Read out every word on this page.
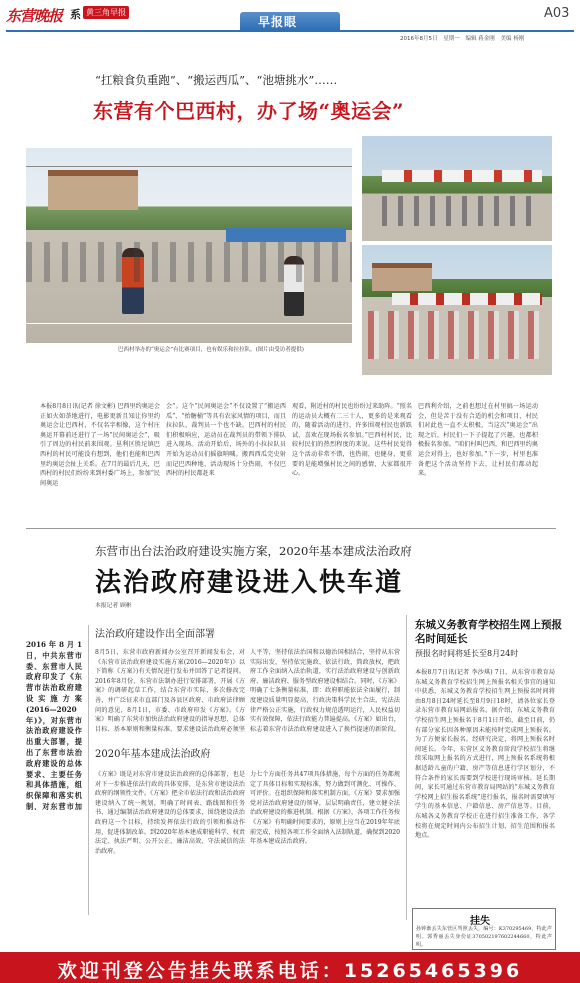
东营晚报 系 黄三角早报
早报眼
A03
2016年8月5日 星期一 编辑 蒋金刚 美编 杨刚
“扛粮食负重跑”、“搬运西瓜”、“池塘挑水”……
东营有个巴西村，办了场“奥运会”
巴西村举办的“奥运会”有比赛项目，也有娱乐和拉拉队。(图片由受访者提供)
本报8月8日讯(记者 徐文彬) 巴西里约奥运会正如火如荼地进行，电影更新且知让你里约奥运会让巴西村，不仅名字相像，这个村庄奥运开幕前还进行了一场“民间奥运会”，吸引了周边的村民前来围观。垦利区胜坨镇巴西村的村民可能没有想到，他们也能和巴西里约奥运会扯上关系。在7月的最后几天，巴西村的村民们纷纷来到村委广场上，参加“民间奥运
会”。这个“民间奥运会”不仅设置了“搬运西瓜”、“抬糖桶”等具有农家风情的项目，而且拉拉队、裁判员一个也不缺。巴西村的村民们积极响应，运动员在裁判员的带领下排队进入现场。活动开始后，场外的小拉拉队员开始为运动员们摇旗呐喊。搬西西瓜完史射而记巴西种地、活动现场十分热闹，不仅巴西村的村民都赶来
观看，附近村的村民也纷纷过来助阵。“照名的运动员大概有二三十人，更多的是来观看的，随着活动的进行，许多围观村民也新跃试，喜欢在现场报名参加。”巴西村村民，比较村民们的热烈程度的来说。这些村民觉得这个活动非常不错，也热闹，也健身，更重要的是能增强村民之间的感情，大家都很开心。
巴西利介绍，之前也想过在村里搞一场运动会，但是苦于没有合适的机会和项目，村民们对此也一直不太积极，当这次“奥运会”出现之后，村民们一下子提起了兴趣，也都积极报名参加。“咱们村叫巴西，和巴西里约奥运会对得上，也好参加。”下一步，村里也准备把这个活动坚持下去，让村民们都动起来。
东营市出台法治政府建设实施方案，2020年基本建成法治政府
法治政府建设进入快车道
本报记者 顾彬
2016年8月1日，中共东营市委、东营市人民政府印发了《东营市法治政府建设实施方案(2016—2020年)》，对东营市法治政府建设作出重大部署，提出了东营市法治政府建设的总体要求、主要任务和具体措施，组织保障和落实机制，对东营市加
法治政府建设作出全面部署
8月5日，东营市政府新闻办公室召开新闻发布会，对《东营市法治政府建设实施方案(2016—2020年)》以下简称《方案》)有关情况进行发布并回答了记者提问。2016年8月份，东营市法制办进行安排部署，开展《方案》的调研起草工作，结合东营市实际，多次修改完善，并广泛征求市直部门及各县区政府、市政府法律顾问的意见，8月1日，市委、市政府印发《方案》。《方案》明确了东营市加快法治政府建设的指导思想、总体目标、基本原则和衡量标准，要求建设法治政府必须坚
人平等，坚持依法治国和以德治国相结合，坚持从东营实际出发，坚持依宪施政、依法行政、简政放权，把政府工作全面纳入法治轨道，实行法治政府建设与创新政府、廉洁政府、服务型政府建设相结合。同时，《方案》明确了七条衡量标准，即：政府职能依法全面履行，制度建设质量明显提高，行政决策科学民主合法，宪法法律严格公正实施，行政权力规范透明运行，人民权益切实有效保障，依法行政能力普遍提高。《方案》如出台，标志着东营市法治政府建设进入了换挡提速的新阶段，
2020年基本建成法治政府
《方案》既是对东营市建设法治政府的总体部署，也是对下一步推进依法行政的具体安排，是东营市建设法治政府的纲领性文件。《方案》把全市依法行政和法治政府建设纳入了统一规划，明确了时间表、路线图和任务书，通过编制法治政府建设的总体要求，围绕建设法治政府这一个目标，持续发挥依法行政的引领和推动作用，促进体制改革。到2020年基本建成职能科学、权责法定、执法严明、公开公正、廉洁高效、守法诚信的法治政府。
力七个方面任务共47项具体措施，每个方面的任务都规定了具体目标和实现标准，努力做到可测化、可操作、可评价。在组织保障和落实机制方面，《方案》要求加强党对法治政府建设的领导，层层明确责任，建立健全法治政府建设的推进机制。根据《方案》，各项工作任务按《方案》有明确时间要求的，原则上应当在2019年年底前完成，按照各项工作全面纳入法制轨道，确保到2020年基本建成法治政府。
东城义务教育学校招生网上预报名时间延长
预报名时间将延长至8月24时
本报8月7日讯(记者 李沙琪) 7日，从东营市教育局东城义务教育学校招生网上预报名相关事宜的通知中获悉，东城义务教育学校招生网上预报名时间将由8月8日24时延长至8月9日18时，请各位家长登录东营市教育局网站报名。据介绍，东城义务教育学校招生网上预报名于8月1日开始，截至目前，仍有部分家长因各种原因未能按时完成网上预报名。为了方便家长报名，经研究决定，将网上预报名时间延长。今年，东营区义务教育阶段学校招生将继续采取网上报名的方式进行，网上预报名系统将根据适龄儿童的户籍、房产等信息进行学区划分，不符合条件的家长需要到学校进行现场审核。延长期间，家长可通过东营市教育局网站的“东城义务教育学校网上招生报名系统”进行报名，报名时需要填写学生的基本信息、户籍信息、房产信息等。目前，东城各义务教育学校正在进行招生准备工作，各学校将在规定时间内公布招生计划、招生范围和报名地点。
挂失
孙钟渐丢失东营区驾照丢失，编号：K370295469，特此声明。郭秀丽丢失身份证370502197602244660，特此声明。
欢迎刊登公告挂失联系电话：15265465396
